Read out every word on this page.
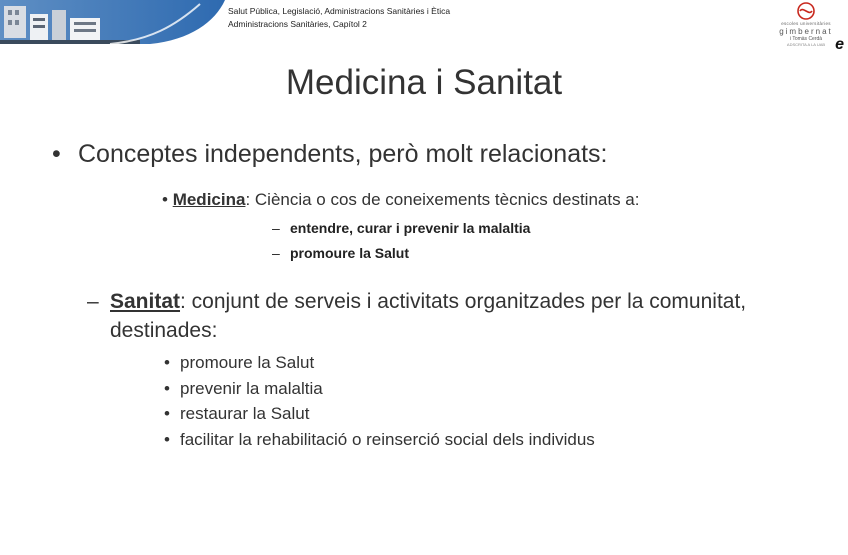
Salut Pública, Legislació, Administracions Sanitàries i Ètica
Administracions Sanitàries, Capítol 2	escoles universitàries
gimbernat
i Tomàs Cerdà
ADSCRITA A LA UAB e
Medicina i Sanitat
• Conceptes independents, però molt relacionats:
• Medicina: Ciència o cos de coneixements tècnics destinats a:
– entendre, curar i prevenir la malaltia
– promoure la Salut
– Sanitat: conjunt de serveis i activitats organitzades per la comunitat, destinades:
• promoure la Salut
• prevenir la malaltia
• restaurar la Salut
• facilitar la rehabilitació o reinserció social dels individus
